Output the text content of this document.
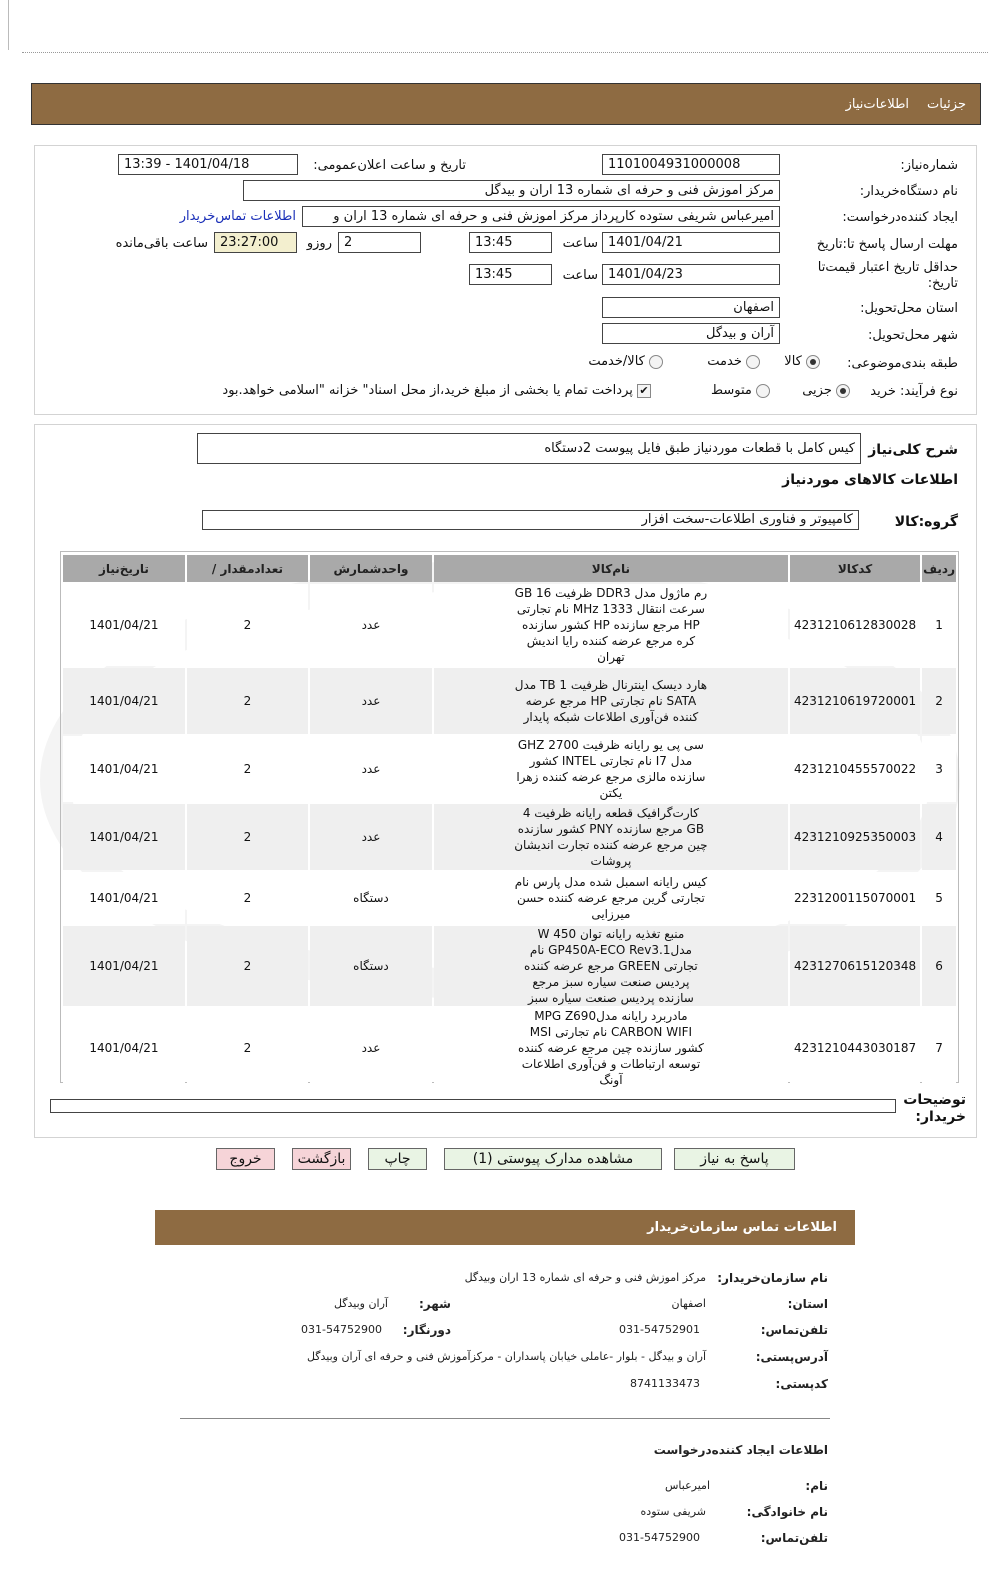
جزئیات
اطلاعات‌نیاز
شماره‌نیاز:
1101004931000008
تاریخ و ساعت اعلان‌عمومی:
1401/04/18 - 13:39
نام دستگاه‌خریدار:
مرکز اموزش فنی و حرفه ای شماره 13 اران و بیدگل
ایجاد کننده‌درخواست:
امیرعباس شریفی ستوده کارپرداز مرکز اموزش فنی و حرفه ای شماره 13 اران و
اطلاعات تماس‌خریدار
مهلت ارسال پاسخ تا:تاریخ
1401/04/21
ساعت
13:45
2
روزو
23:27:00
ساعت باقی‌مانده
حداقل تاریخ اعتبار قیمت‌تا تاریخ:
1401/04/23
ساعت
13:45
استان محل‌تحویل:
اصفهان
شهر محل‌تحویل:
آران و بیدگل
طبقه بندی‌موضوعی:
کالا
خدمت
کالا/خدمت
نوع فرآیند: خرید
جزیی
متوسط
✔ پرداخت تمام یا بخشی از مبلغ خرید،از محل اسناد" خزانه "اسلامی خواهد.بود
شرح کلی‌نیاز
کیس کامل با قطعات موردنیاز طبق فایل پیوست 2دستگاه
اطلاعات کالاهای موردنیاز
گروه:کالا
کامپیوتر و فناوری اطلاعات-سخت افزار
ردیف	کدکالا	نام‌کالا	واحدشمارش	تعدادمقدار /	تاریخ‌نیاز
1	4231210612830028	رم ماژول مدل DDR3 ظرفیت 16 GB سرعت انتقال 1333 MHz نام تجارتی HP مرجع سازنده HP کشور سازنده کره مرجع عرضه کننده رایا اندیش تهران	عدد	2	1401/04/21
2	4231210619720001	هارد دیسک اینترنال ظرفیت 1 TB مدل SATA نام تجارتی HP مرجع عرضه کننده فن‌آوری اطلاعات شبکه پایدار	عدد	2	1401/04/21
3	4231210455570022	سی پی یو رایانه ظرفیت 2700 GHZ مدل I7 نام تجارتی INTEL کشور سازنده مالزی مرجع عرضه کننده زهرا یکتن	عدد	2	1401/04/21
4	4231210925350003	کارت‌گرافیک قطعه رایانه ظرفیت 4 GB مرجع سازنده PNY کشور سازنده چین مرجع عرضه کننده تجارت اندیشان پروشات	عدد	2	1401/04/21
5	2231200115070001	کیس رایانه اسمبل شده مدل پارس نام تجارتی گرین مرجع عرضه کننده حسن میرزایی	دستگاه	2	1401/04/21
6	4231270615120348	منبع تغذیه رایانه توان 450 W مدلGP450A-ECO Rev3.1 نام تجارتی GREEN مرجع عرضه کننده پردیس صنعت سیاره سبز مرجع سازنده پردیس صنعت سیاره سبز	دستگاه	2	1401/04/21
7	4231210443030187	مادربرد رایانه مدلMPG Z690 CARBON WIFI نام تجارتی MSI کشور سازنده چین مرجع عرضه کننده توسعه ارتباطات و فن‌آوری اطلاعات آونگ	عدد	2	1401/04/21
توضیحات خریدار:
پاسخ به نیاز
مشاهده مدارک پیوستی (1)
چاپ
بازگشت
خروج
اطلاعات تماس سازمان‌خریدار
نام سازمان‌خریدار:
مرکز اموزش فنی و حرفه ای شماره 13 اران وبیدگل
استان:
اصفهان
شهر:
آران وبیدگل
تلفن‌تماس:
031-54752901
دورنگار:
031-54752900
آدرس‌پستی:
آران و بیدگل - بلوار -عاملی خیابان پاسداران - مرکزآموزش فنی و حرفه ای آران وبیدگل
کد‌پستی:
8741133473
اطلاعات ایجاد کننده‌درخواست
نام:
امیرعباس
نام خانوادگی:
شریفی ستوده
تلفن‌تماس:
031-54752900
